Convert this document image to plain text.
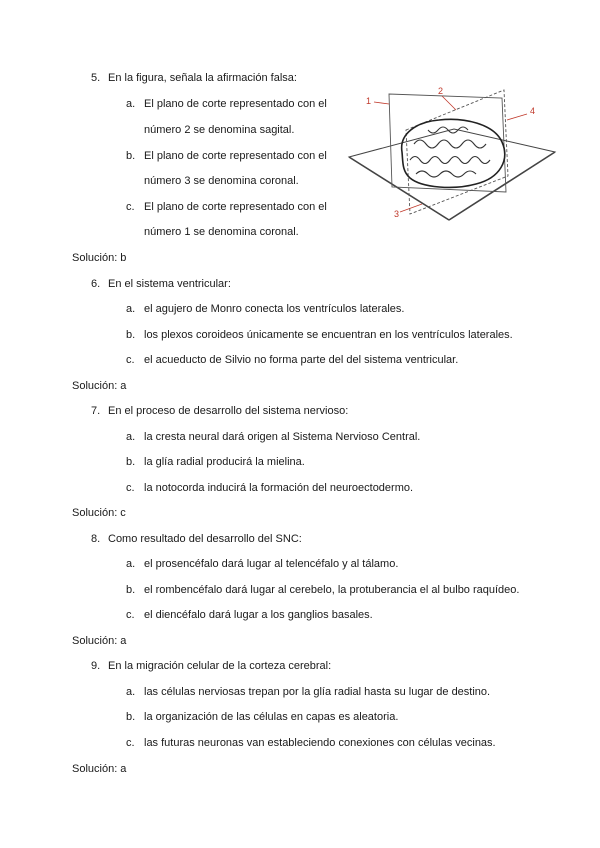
5. En la figura, señala la afirmación falsa:
a. El plano de corte representado con el
número 2 se denomina sagital.
b. El plano de corte representado con el
número 3 se denomina coronal.
c. El plano de corte representado con el
número 1 se denomina coronal.
Solución: b
1
2
3
4
6. En el sistema ventricular:
a. el agujero de Monro conecta los ventrículos laterales.
b. los plexos coroideos únicamente se encuentran en los ventrículos laterales.
c. el acueducto de Silvio no forma parte del del sistema ventricular.
Solución: a
7. En el proceso de desarrollo del sistema nervioso:
a. la cresta neural dará origen al Sistema Nervioso Central.
b. la glía radial producirá la mielina.
c. la notocorda inducirá la formación del neuroectodermo.
Solución: c
8. Como resultado del desarrollo del SNC:
a. el prosencéfalo dará lugar al telencéfalo y al tálamo.
b. el rombencéfalo dará lugar al cerebelo, la protuberancia el al bulbo raquídeo.
c. el diencéfalo dará lugar a los ganglios basales.
Solución: a
9. En la migración celular de la corteza cerebral:
a. las células nerviosas trepan por la glía radial hasta su lugar de destino.
b. la organización de las células en capas es aleatoria.
c. las futuras neuronas van estableciendo conexiones con células vecinas.
Solución: a
